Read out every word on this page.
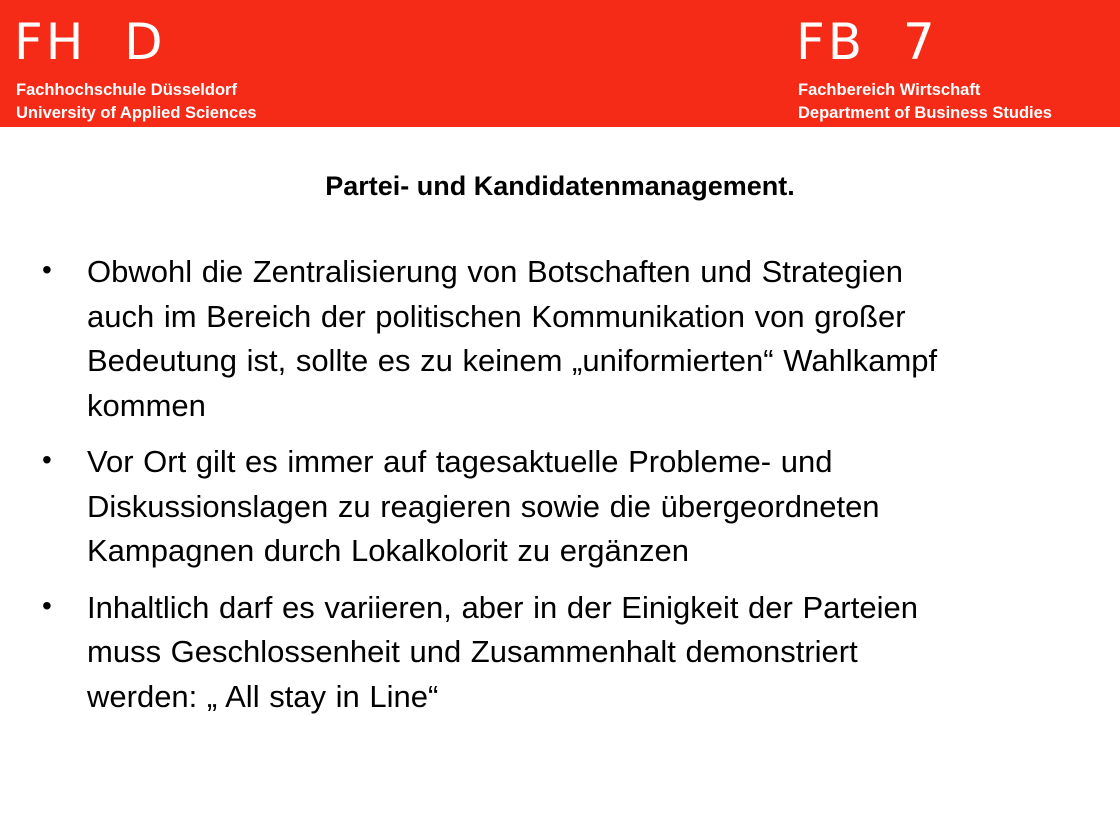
FH  D
Fachhochschule Düsseldorf
University of Applied Sciences
FB  7
Fachbereich Wirtschaft
Department of Business Studies
Partei- und Kandidatenmanagement.
• Obwohl die Zentralisierung von Botschaften und Strategien
auch im Bereich der politischen Kommunikation von großer
Bedeutung ist, sollte es zu keinem „uniformierten“ Wahlkampf
kommen
• Vor Ort gilt es immer auf tagesaktuelle Probleme- und
Diskussionslagen zu reagieren sowie die übergeordneten
Kampagnen durch Lokalkolorit zu ergänzen
• Inhaltlich darf es variieren, aber in der Einigkeit der Parteien
muss Geschlossenheit und Zusammenhalt demonstriert
werden: „ All stay in Line“
